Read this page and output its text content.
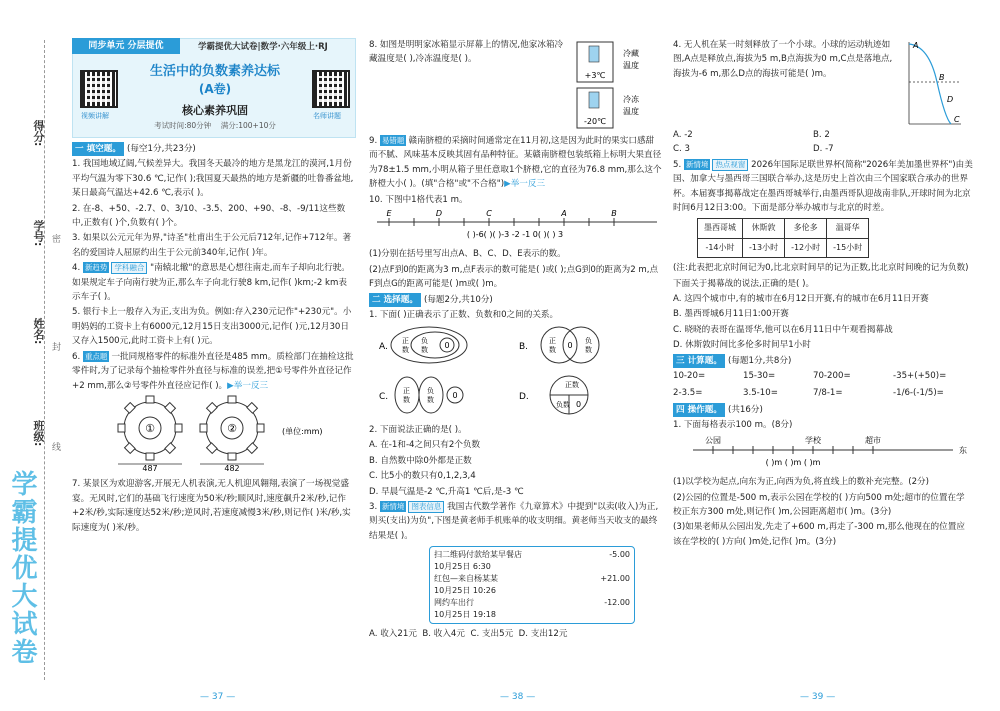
得分:
学号:
姓名:
班级:
密
封
线
学霸提优大试卷
同步单元 分层提优	学霸提优大试卷|数学·六年级上·RJ
视频讲解	名师讲题
生活中的负数素养达标
(A卷)
核心素养巩固
考试时间:80分钟 满分:100+10分

一 填空题。 (每空1分,共23分)

1. 我国地域辽阔,气候差异大。我国冬天最冷的地方是黑龙江的漠河,1月份平均气温为零下30.6 ℃,记作( );我国夏天最热的地方是新疆的吐鲁番盆地,某日最高气温达+42.6 ℃,表示( )。

2. 在-8、+50、-2.7、0、3/10、-3.5、200、+90、-8、-9/11这些数中,正数有( )个,负数有( )个。

3. 如果以公元元年为界,"诗圣"杜甫出生于公元后712年,记作+712年。著名的爱国诗人屈原约出生于公元前340年,记作( )年。

4. 新趋势 学科融合 "南辕北辙"的意思是心想往南走,而车子却向北行驶。如果规定车子向南行驶为正,那么车子向北行驶8 km,记作( )km;-2 km表示车子( )。

5. 银行卡上一般存入为正,支出为负。例如:存入230元记作"+230元"。小明妈妈的工资卡上有6000元,12月15日支出3000元,记作( )元,12月30日又存入1500元,此时工资卡上有( )元。

6. 重点题 一批同规格零件的标准外直径是485 mm。质检部门在抽检这批零件时,为了记录每个抽检零件外直径与标准的误差,把①号零件外直径记作+2 mm,那么②号零件外直径应记作( )。▶举一反三

①	②
487	482
(单位:mm)

7. 某景区为欢迎游客,开展无人机表演,无人机迎风翱翔,表演了一场视觉盛宴。无风时,它们的基础飞行速度为50米/秒;顺风时,速度飙升2米/秒,记作+2米/秒,实际速度达52米/秒;逆风时,若速度减慢3米/秒,则记作( )米/秒,实际速度为( )米/秒。

8. 如图是明明家冰箱显示屏幕上的情况,他家冰箱冷藏温度是( ),冷冻温度是( )。

+3℃
冷藏
温度
-20℃
冷冻
温度

9. 易错题 赣南脐橙的采摘时间通常定在11月初,这是因为此时的果实口感甜而不腻、风味基本反映其固有品种特征。某赣南脐橙包装纸箱上标明大果直径为78±1.5 mm,小明从箱子里任意取1个脐橙,它的直径为76.8 mm,那么这个脐橙大小( )。(填"合格"或"不合格")▶举一反三

10. 下图中1格代表1 m。

E	D	C	A	B
( )-6( )( )-3 -2 -1 0( )( ) 3

(1)分别在括号里写出点A、B、C、D、E表示的数。

(2)点F到0的距离为3 m,点F表示的数可能是( )或( );点G到0的距离为2 m,点F到点G的距离可能是( )m或( )m。

二 选择题。 (每题2分,共10分)

1. 下面( )正确表示了正数、负数和0之间的关系。

A.
正
数
负
数 0	B.
正
数
负
数
0
C.
正
数
负
数 0	D.
正数
负数 0

2. 下面说法正确的是( )。

A. 在-1和-4之间只有2个负数

B. 自然数中除0外都是正数

C. 比5小的数只有0,1,2,3,4

D. 早晨气温是-2 ℃,升高1 ℃后,是-3 ℃

3. 新情境 图表信息 我国古代数学著作《九章算术》中提到"以卖(收入)为正,则买(支出)为负",下图是黄老师手机账单的收支明细。黄老师当天收支的最终结果是( )。

扫二维码付款给某早餐店	-5.00
10月25日 6:30
红包—来自杨某某	+21.00
10月25日 10:26
网约车出行	-12.00
10月25日 19:18

A. 收入21元 B. 收入4元 C. 支出5元 D. 支出12元

4. 无人机在某一时刻释放了一个小球。小球的运动轨迹如图,A点是释放点,海拔为5 m,B点海拔为0 m,C点是落地点,海拔为-6 m,那么D点的海拔可能是( )m。

A
B
C
D

A. -2	B. 2
C. 3	D. -7

5. 新情境 热点视窗 2026年国际足联世界杯(简称"2026年美加墨世界杯")由美国、加拿大与墨西哥三国联合举办,这是历史上首次由三个国家联合承办的世界杯。本届赛事揭幕战定在墨西哥城举行,由墨西哥队迎战南非队,开球时间为北京时间6月12日3:00。下面是部分举办城市与北京的时差。

墨西哥城	休斯敦	多伦多	温哥华
-14小时	-13小时	-12小时	-15小时

(注:此表把北京时间记为0,比北京时间早的记为正数,比北京时间晚的记为负数)

下面关于揭幕战的说法,正确的是( )。

A. 这四个城市中,有的城市在6月12日开赛,有的城市在6月11日开赛

B. 墨西哥城6月11日1:00开赛

C. 晓晓的表哥在温哥华,他可以在6月11日中午观看揭幕战

D. 休斯敦时间比多伦多时间早1小时

三 计算题。 (每题1分,共8分)

10-20=	15-30=	70-200=	-35+(+50)=
2-3.5=	3.5-10=	7/8-1=	-1/6-(-1/5)=

四 操作题。 (共16分)

1. 下面每格表示100 m。(8分)

公园	学校	超市
东
( )m ( )m ( )m

(1)以学校为起点,向东为正,向西为负,将直线上的数补充完整。(2分)

(2)公园的位置是-500 m,表示公园在学校的( )方向500 m处;超市的位置在学校正东方300 m处,则记作( )m,公园距离超市( )m。(3分)

(3)如果老师从公园出发,先走了+600 m,再走了-300 m,那么他现在的位置应该在学校的( )方向( )m处,记作( )m。(3分)

— 37 —	— 38 —	— 39 —
